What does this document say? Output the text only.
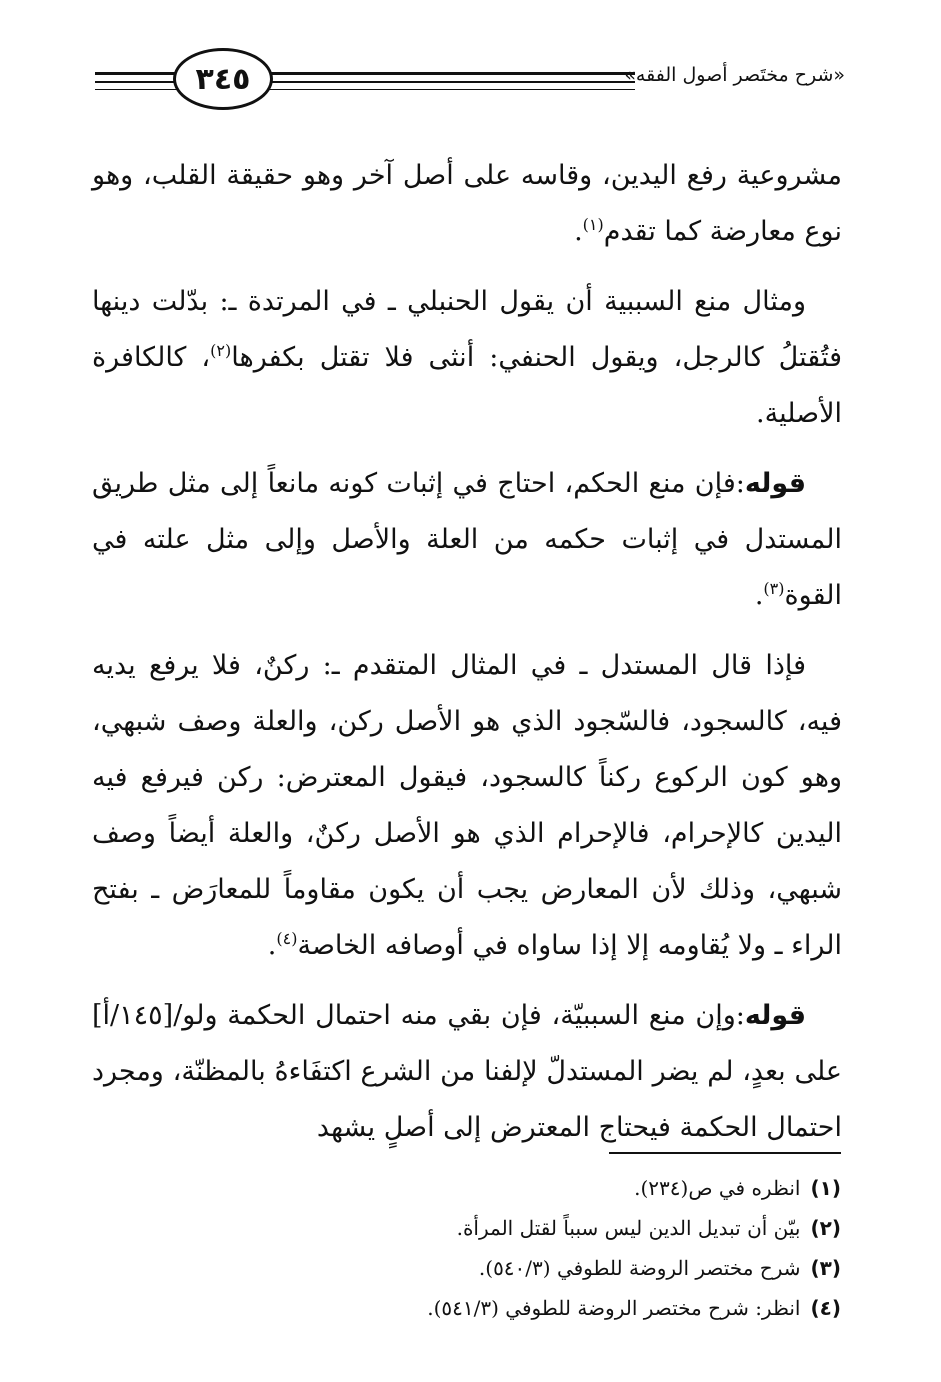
٣٤٥	«شرح مختَصر أصول الفقه»

مشروعية رفع اليدين، وقاسه على أصل آخر وهو حقيقة القلب، وهو نوع معارضة كما تقدم$^{(١)}$.

ومثال منع السببية أن يقول الحنبلي ـ في المرتدة ـ: بدّلت دينها فتُقتلُ كالرجل، ويقول الحنفي: أنثى فلا تقتل بكفرها$^{(٢)}$، كالكافرة الأصلية.

قوله:فإن منع الحكم، احتاج في إثبات كونه مانعاً إلى مثل طريق المستدل في إثبات حكمه من العلة والأصل وإلى مثل علته في القوة$^{(٣)}$.

فإذا قال المستدل ـ في المثال المتقدم ـ: ركنٌ، فلا يرفع يديه فيه، كالسجود، فالسّجود الذي هو الأصل ركن، والعلة وصف شبهي، وهو كون الركوع ركناً كالسجود، فيقول المعترض: ركن فيرفع فيه اليدين كالإحرام، فالإحرام الذي هو الأصل ركنٌ، والعلة أيضاً وصف شبهي، وذلك لأن المعارض يجب أن يكون مقاوماً للمعارَض ـ بفتح الراء ـ ولا يُقاومه إلا إذا ساواه في أوصافه الخاصة$^{(٤)}$.

قوله:وإن منع السببيّة، فإن بقي منه احتمال الحكمة ولو/[١٤٥/أ] على بعدٍ، لم يضر المستدلّ لإلفنا من الشرع اكتفَاءهُ بالمظنّة، ومجرد احتمال الحكمة فيحتاج المعترض إلى أصلٍ يشهد

(١)انظره في ص(٢٣٤).
(٢)بيّن أن تبديل الدين ليس سبباً لقتل المرأة.
(٣)شرح مختصر الروضة للطوفي (٥٤٠/٣).
(٤)انظر: شرح مختصر الروضة للطوفي (٥٤١/٣).
